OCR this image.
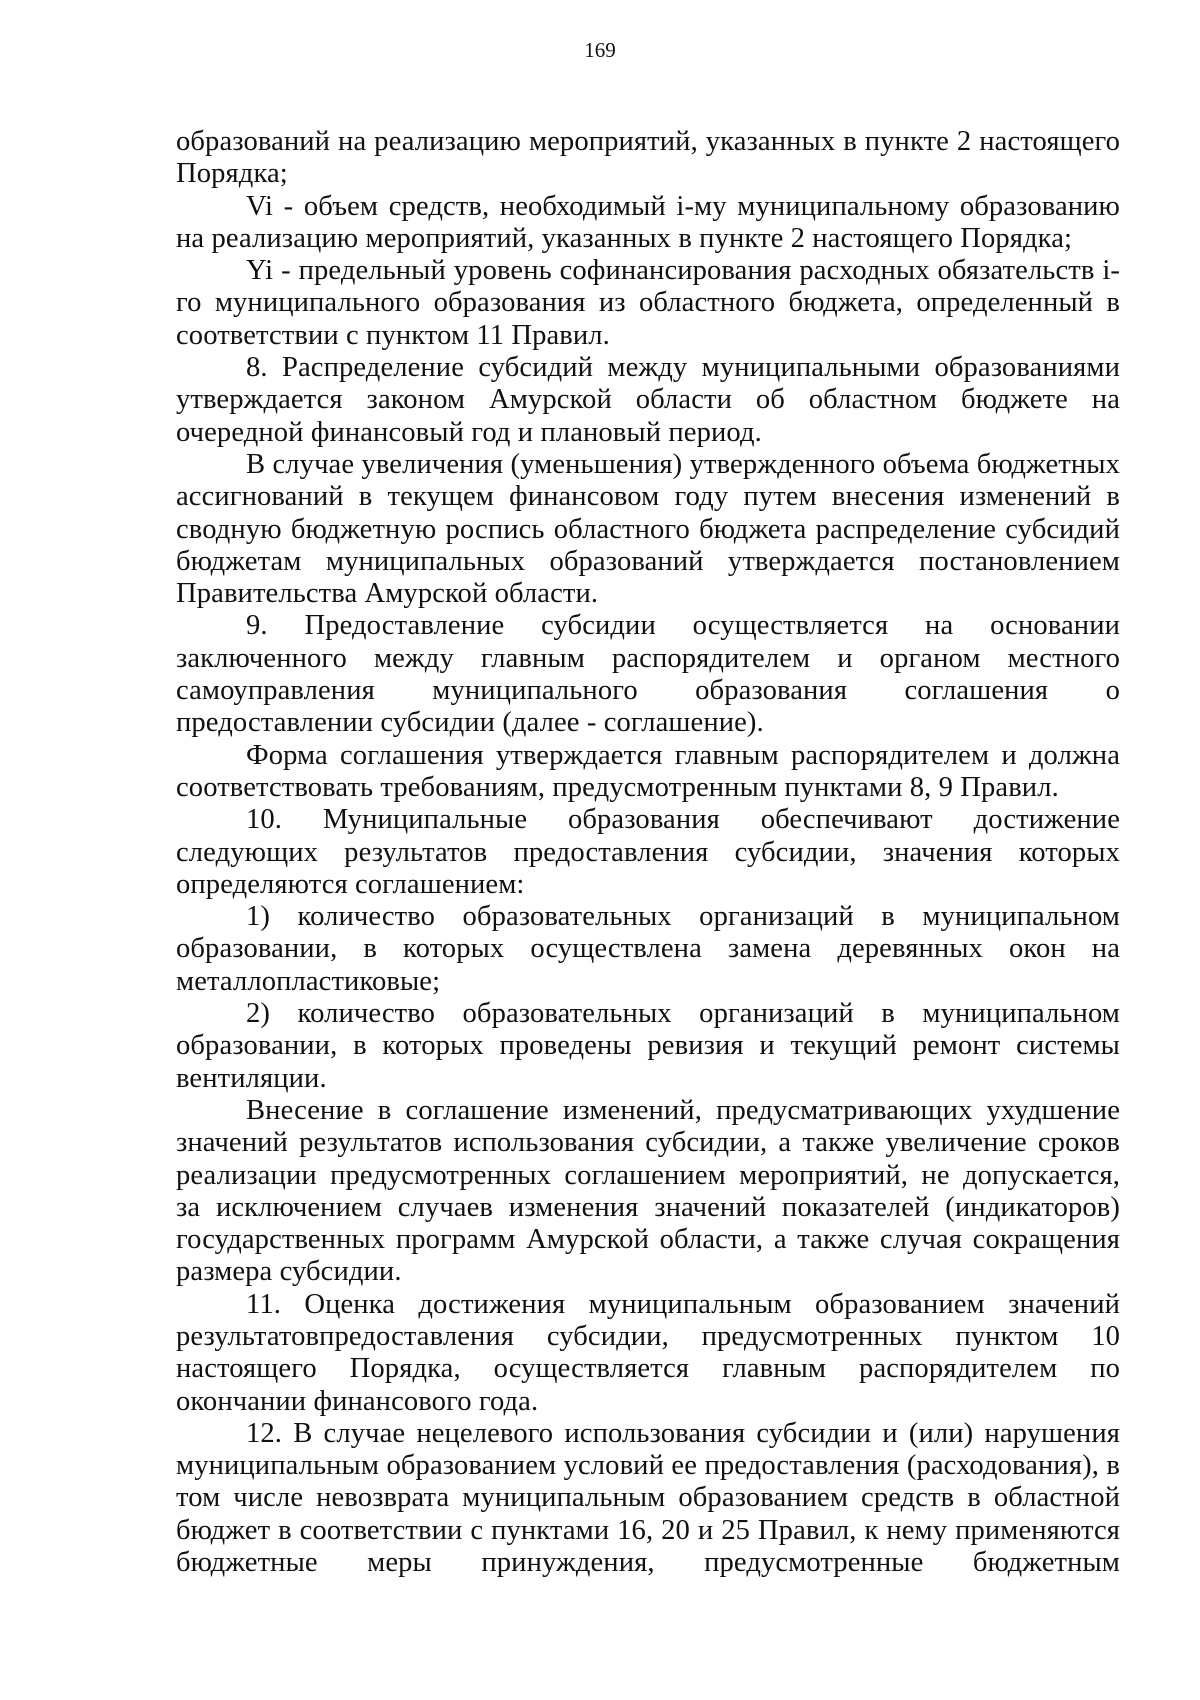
169

образований на реализацию мероприятий, указанных в пункте 2 настоящего Порядка;

Vi - объем средств, необходимый i-му муниципальному образованию на реализацию мероприятий, указанных в пункте 2 настоящего Порядка;

Yi - предельный уровень софинансирования расходных обязательств i-го муниципального образования из областного бюджета, определенный в соответствии с пунктом 11 Правил.

8. Распределение субсидий между муниципальными образованиями утверждается законом Амурской области об областном бюджете на очередной финансовый год и плановый период.

В случае увеличения (уменьшения) утвержденного объема бюджетных ассигнований в текущем финансовом году путем внесения изменений в сводную бюджетную роспись областного бюджета распределение субсидий бюджетам муниципальных образований утверждается постановлением Правительства Амурской области.

9. Предоставление субсидии осуществляется на основании заключенного между главным распорядителем и органом местного самоуправления муниципального образования соглашения о предоставлении субсидии (далее - соглашение).

Форма соглашения утверждается главным распорядителем и должна соответствовать требованиям, предусмотренным пунктами 8, 9 Правил.

10. Муниципальные образования обеспечивают достижение следующих результатов предоставления субсидии, значения которых определяются соглашением:

1) количество образовательных организаций в муниципальном образовании, в которых осуществлена замена деревянных окон на металлопластиковые;

2) количество образовательных организаций в муниципальном образовании, в которых проведены ревизия и текущий ремонт системы вентиляции.

Внесение в соглашение изменений, предусматривающих ухудшение значений результатов использования субсидии, а также увеличение сроков реализации предусмотренных соглашением мероприятий, не допускается, за исключением случаев изменения значений показателей (индикаторов) государственных программ Амурской области, а также случая сокращения размера субсидии.

11. Оценка достижения муниципальным образованием значений результатовпредоставления субсидии, предусмотренных пунктом 10 настоящего Порядка, осуществляется главным распорядителем по окончании финансового года.

12. В случае нецелевого использования субсидии и (или) нарушения муниципальным образованием условий ее предоставления (расходования), в том числе невозврата муниципальным образованием средств в областной бюджет в соответствии с пунктами 16, 20 и 25 Правил, к нему применяются бюджетные меры принуждения, предусмотренные бюджетным
